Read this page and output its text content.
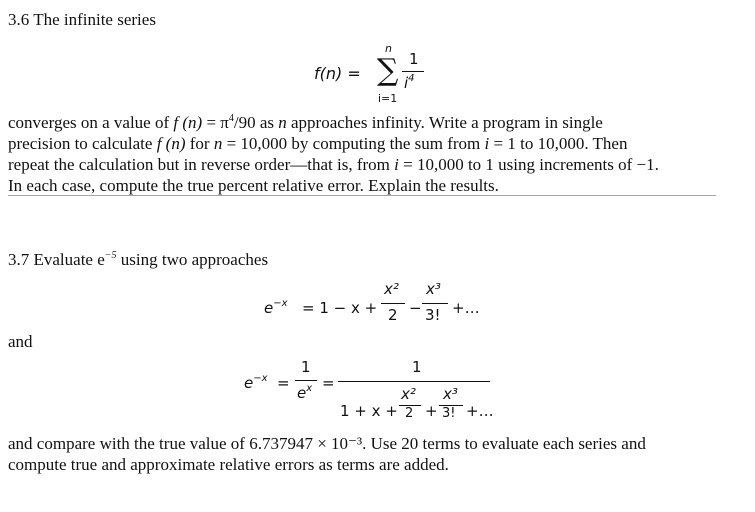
3.6 The infinite series
f(n) =
n
∑
i=1
1
$i^4$
converges on a value of f $(n) = \pi^4/90$ as n approaches infinity. Write a program in single
precision to calculate f (n) for n = 10,000 by computing the sum from i = 1 to 10,000. Then
repeat the calculation but in reverse order—that is, from i = 10,000 to 1 using increments of −1.
In each case, compute the true percent relative error. Explain the results.
3.7 Evaluate $e^{-5}$ using two approaches
$e^{-x} = 1 - x$ +
x²
2 −
x³
3! +…
and
$e^{-x}$ =
1
$e^x$ =
1
1 + x +
x²
2 +
x³
3! +…
and compare with the true value of 6.737947 × 10⁻³. Use 20 terms to evaluate each series and
compute true and approximate relative errors as terms are added.
